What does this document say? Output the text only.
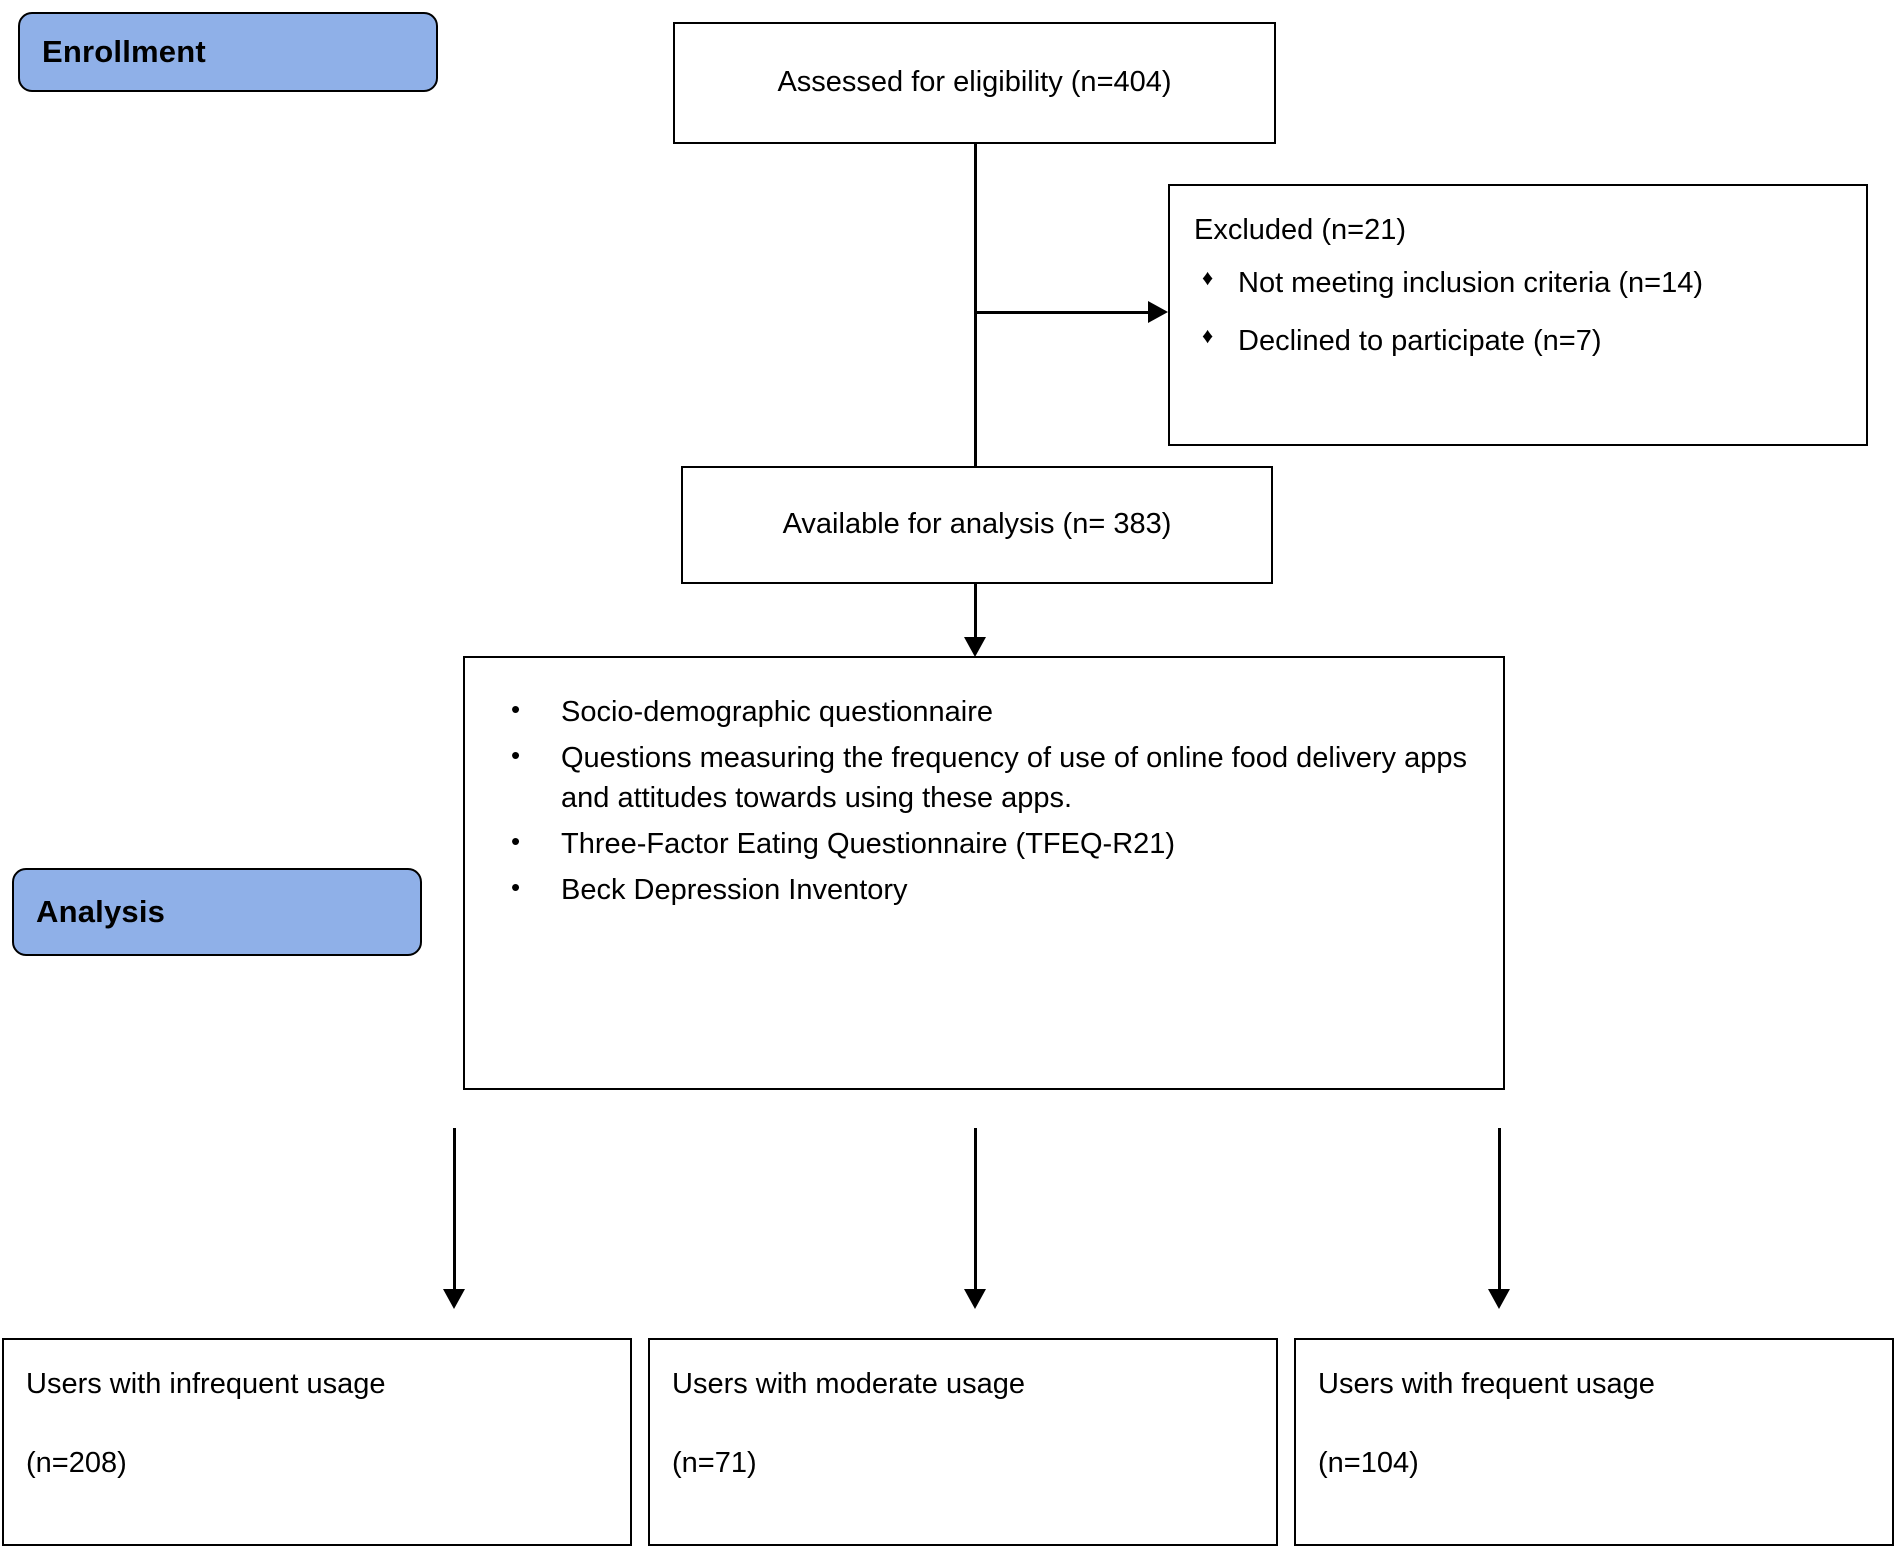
Enrollment
Analysis
Assessed for eligibility (n=404)

Excluded (n=21)

♦ Not meeting inclusion criteria (n=14)
♦ Declined to participate (n=7)
Available for analysis (n= 383)
• Socio-demographic questionnaire
• Questions measuring the frequency of use of online food delivery apps and attitudes towards using these apps.
• Three-Factor Eating Questionnaire (TFEQ-R21)
• Beck Depression Inventory
Users with infrequent usage
(n=208)
Users with moderate usage
(n=71)
Users with frequent usage
(n=104)
